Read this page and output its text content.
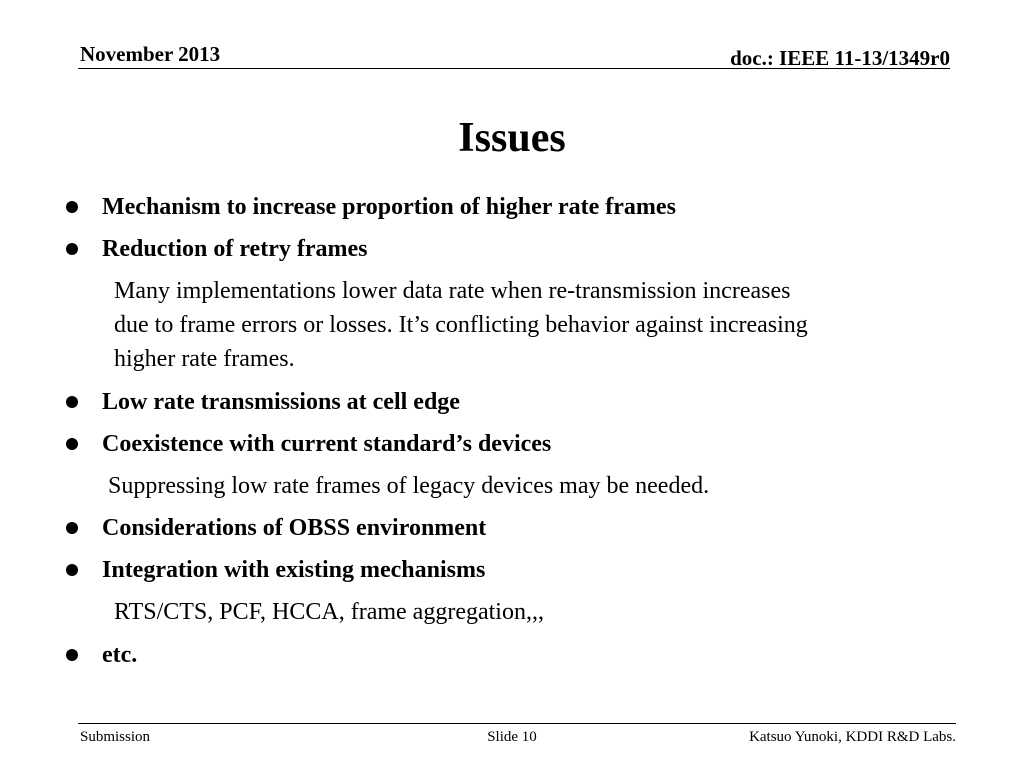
November 2013	doc.: IEEE 11-13/1349r0
Issues
Mechanism to increase proportion of higher rate frames
Reduction of retry frames
Many implementations lower data rate when re-transmission increases
due to frame errors or losses. It’s conflicting behavior against increasing
higher rate frames.
Low rate transmissions at cell edge
Coexistence with current standard’s devices
Suppressing low rate frames of legacy devices may be needed.
Considerations of OBSS environment
Integration with existing mechanisms
RTS/CTS, PCF, HCCA, frame aggregation,,,
etc.
Submission	Slide 10	Katsuo Yunoki, KDDI R&D Labs.
